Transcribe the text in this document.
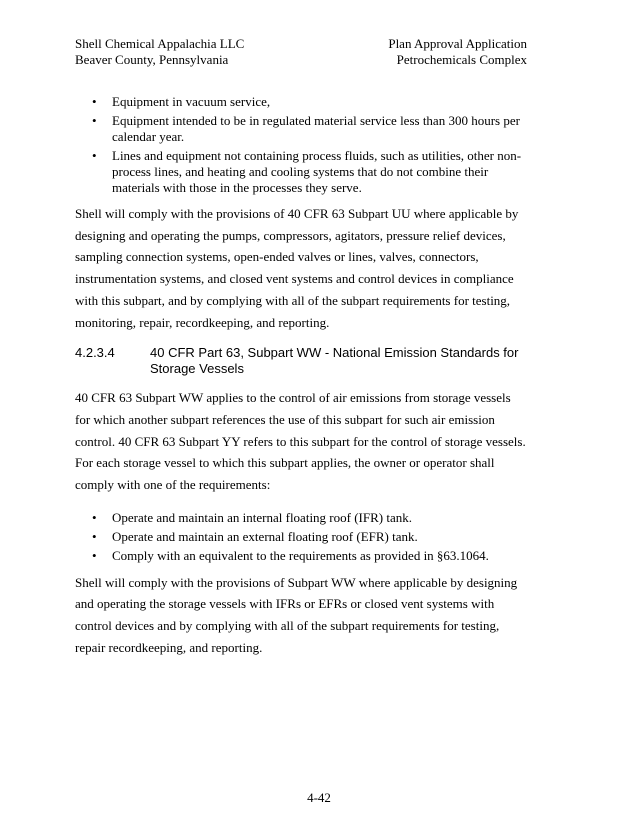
Shell Chemical Appalachia LLC
Beaver County, Pennsylvania
Plan Approval Application
Petrochemicals Complex
• Equipment in vacuum service,
• Equipment intended to be in regulated material service less than 300 hours per calendar year.
• Lines and equipment not containing process fluids, such as utilities, other non-process lines, and heating and cooling systems that do not combine their materials with those in the processes they serve.

Shell will comply with the provisions of 40 CFR 63 Subpart UU where applicable by designing and operating the pumps, compressors, agitators, pressure relief devices, sampling connection systems, open-ended valves or lines, valves, connectors, instrumentation systems, and closed vent systems and control devices in compliance with this subpart, and by complying with all of the subpart requirements for testing, monitoring, repair, recordkeeping, and reporting.

4.2.3.4	40 CFR Part 63, Subpart WW - National Emission Standards for
Storage Vessels

40 CFR 63 Subpart WW applies to the control of air emissions from storage vessels for which another subpart references the use of this subpart for such air emission control. 40 CFR 63 Subpart YY refers to this subpart for the control of storage vessels. For each storage vessel to which this subpart applies, the owner or operator shall comply with one of the requirements:

• Operate and maintain an internal floating roof (IFR) tank.
• Operate and maintain an external floating roof (EFR) tank.
• Comply with an equivalent to the requirements as provided in §63.1064.

Shell will comply with the provisions of Subpart WW where applicable by designing and operating the storage vessels with IFRs or EFRs or closed vent systems with control devices and by complying with all of the subpart requirements for testing, repair recordkeeping, and reporting.

4-42
